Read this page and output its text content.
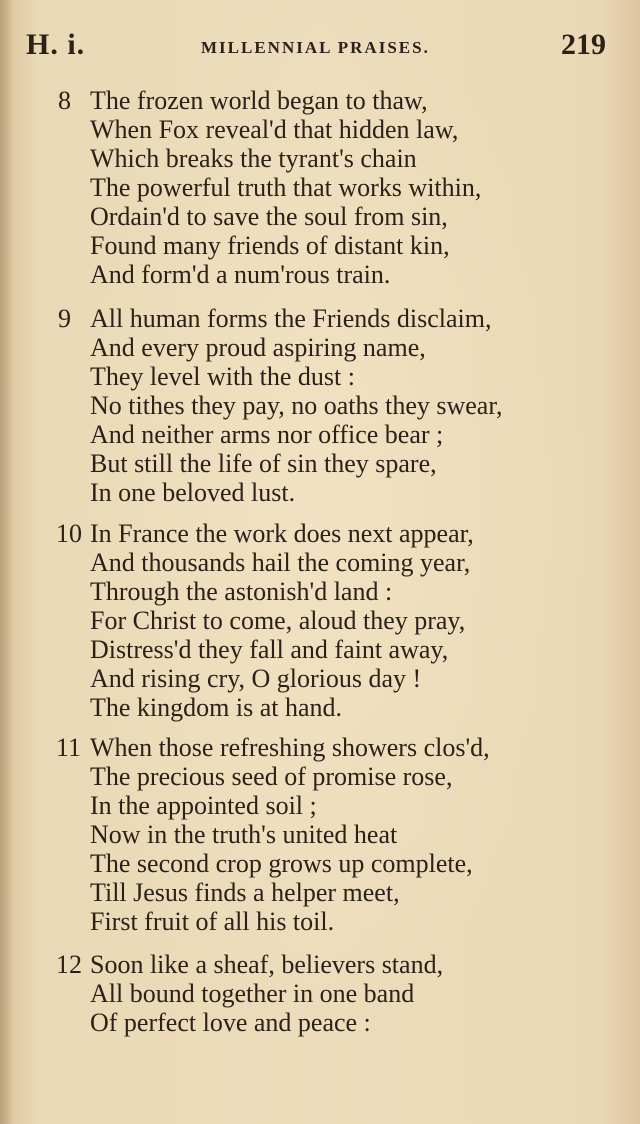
H. i.	MILLENNIAL PRAISES.	219
8 The frozen world began to thaw,
When Fox reveal'd that hidden law,
Which breaks the tyrant's chain
The powerful truth that works within,
Ordain'd to save the soul from sin,
Found many friends of distant kin,
And form'd a num'rous train.
9 All human forms the Friends disclaim,
And every proud aspiring name,
They level with the dust :
No tithes they pay, no oaths they swear,
And neither arms nor office bear ;
But still the life of sin they spare,
In one beloved lust.
10 In France the work does next appear,
And thousands hail the coming year,
Through the astonish'd land :
For Christ to come, aloud they pray,
Distress'd they fall and faint away,
And rising cry, O glorious day !
The kingdom is at hand.
11 When those refreshing showers clos'd,
The precious seed of promise rose,
In the appointed soil ;
Now in the truth's united heat
The second crop grows up complete,
Till Jesus finds a helper meet,
First fruit of all his toil.
12 Soon like a sheaf, believers stand,
All bound together in one band
Of perfect love and peace :
